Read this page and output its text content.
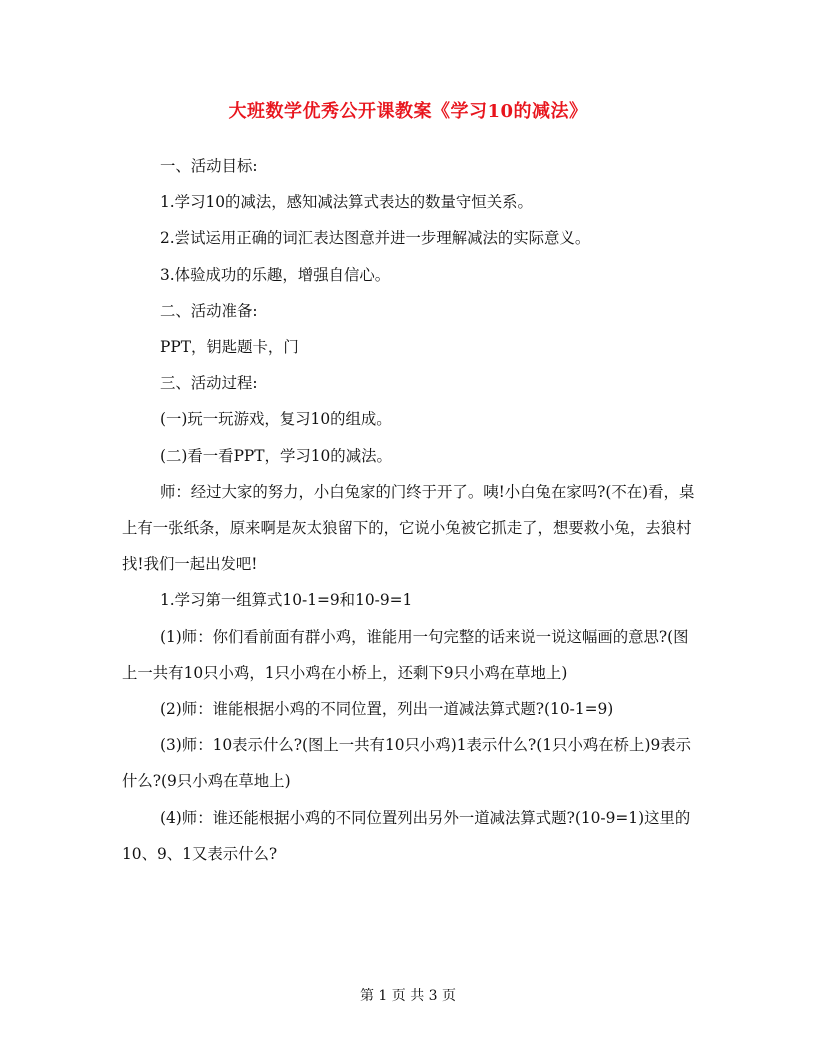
大班数学优秀公开课教案《学习10的减法》

一、活动目标:

1.学习10的减法，感知减法算式表达的数量守恒关系。

2.尝试运用正确的词汇表达图意并进一步理解减法的实际意义。

3.体验成功的乐趣，增强自信心。

二、活动准备:

PPT，钥匙题卡，门

三、活动过程:

(一)玩一玩游戏，复习10的组成。

(二)看一看PPT，学习10的减法。

师：经过大家的努力，小白兔家的门终于开了。咦!小白兔在家吗?(不在)看，桌上有一张纸条，原来啊是灰太狼留下的，它说小兔被它抓走了，想要救小兔，去狼村找!我们一起出发吧!

1.学习第一组算式10-1=9和10-9=1

(1)师：你们看前面有群小鸡，谁能用一句完整的话来说一说这幅画的意思?(图上一共有10只小鸡，1只小鸡在小桥上，还剩下9只小鸡在草地上)

(2)师：谁能根据小鸡的不同位置，列出一道减法算式题?(10-1=9)

(3)师：10表示什么?(图上一共有10只小鸡)1表示什么?(1只小鸡在桥上)9表示什么?(9只小鸡在草地上)

(4)师：谁还能根据小鸡的不同位置列出另外一道减法算式题?(10-9=1)这里的10、9、1又表示什么?

第 1 页 共 3 页
